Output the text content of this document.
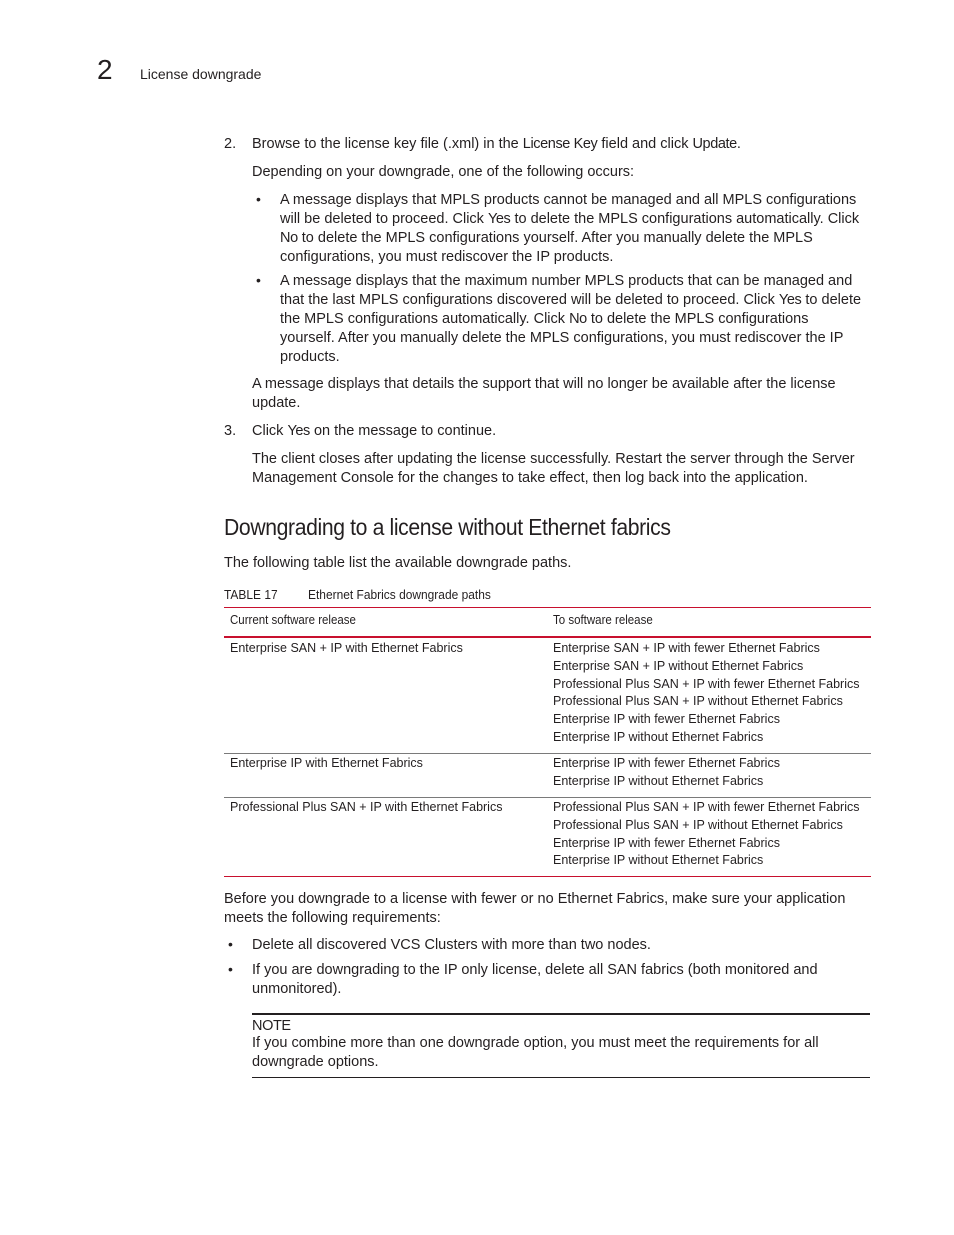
2 License downgrade
2. Browse to the license key file (.xml) in the License Key field and click Update.
Depending on your downgrade, one of the following occurs:
• A message displays that MPLS products cannot be managed and all MPLS configurations
will be deleted to proceed. Click Yes to delete the MPLS configurations automatically. Click
No to delete the MPLS configurations yourself. After you manually delete the MPLS
configurations, you must rediscover the IP products.
• A message displays that the maximum number MPLS products that can be managed and
that the last MPLS configurations discovered will be deleted to proceed. Click Yes to delete
the MPLS configurations automatically. Click No to delete the MPLS configurations
yourself. After you manually delete the MPLS configurations, you must rediscover the IP
products.
A message displays that details the support that will no longer be available after the license
update.
3. Click Yes on the message to continue.
The client closes after updating the license successfully. Restart the server through the Server
Management Console for the changes to take effect, then log back into the application.
Downgrading to a license without Ethernet fabrics
The following table list the available downgrade paths.
TABLE 17 Ethernet Fabrics downgrade paths
Current software release	To software release
Enterprise SAN + IP with Ethernet Fabrics	Enterprise SAN + IP with fewer Ethernet Fabrics
Enterprise SAN + IP without Ethernet Fabrics
Professional Plus SAN + IP with fewer Ethernet Fabrics
Professional Plus SAN + IP without Ethernet Fabrics
Enterprise IP with fewer Ethernet Fabrics
Enterprise IP without Ethernet Fabrics
Enterprise IP with Ethernet Fabrics	Enterprise IP with fewer Ethernet Fabrics
Enterprise IP without Ethernet Fabrics
Professional Plus SAN + IP with Ethernet Fabrics	Professional Plus SAN + IP with fewer Ethernet Fabrics
Professional Plus SAN + IP without Ethernet Fabrics
Enterprise IP with fewer Ethernet Fabrics
Enterprise IP without Ethernet Fabrics
Before you downgrade to a license with fewer or no Ethernet Fabrics, make sure your application
meets the following requirements:
• Delete all discovered VCS Clusters with more than two nodes.
• If you are downgrading to the IP only license, delete all SAN fabrics (both monitored and
unmonitored).
NOTE
If you combine more than one downgrade option, you must meet the requirements for all
downgrade options.
